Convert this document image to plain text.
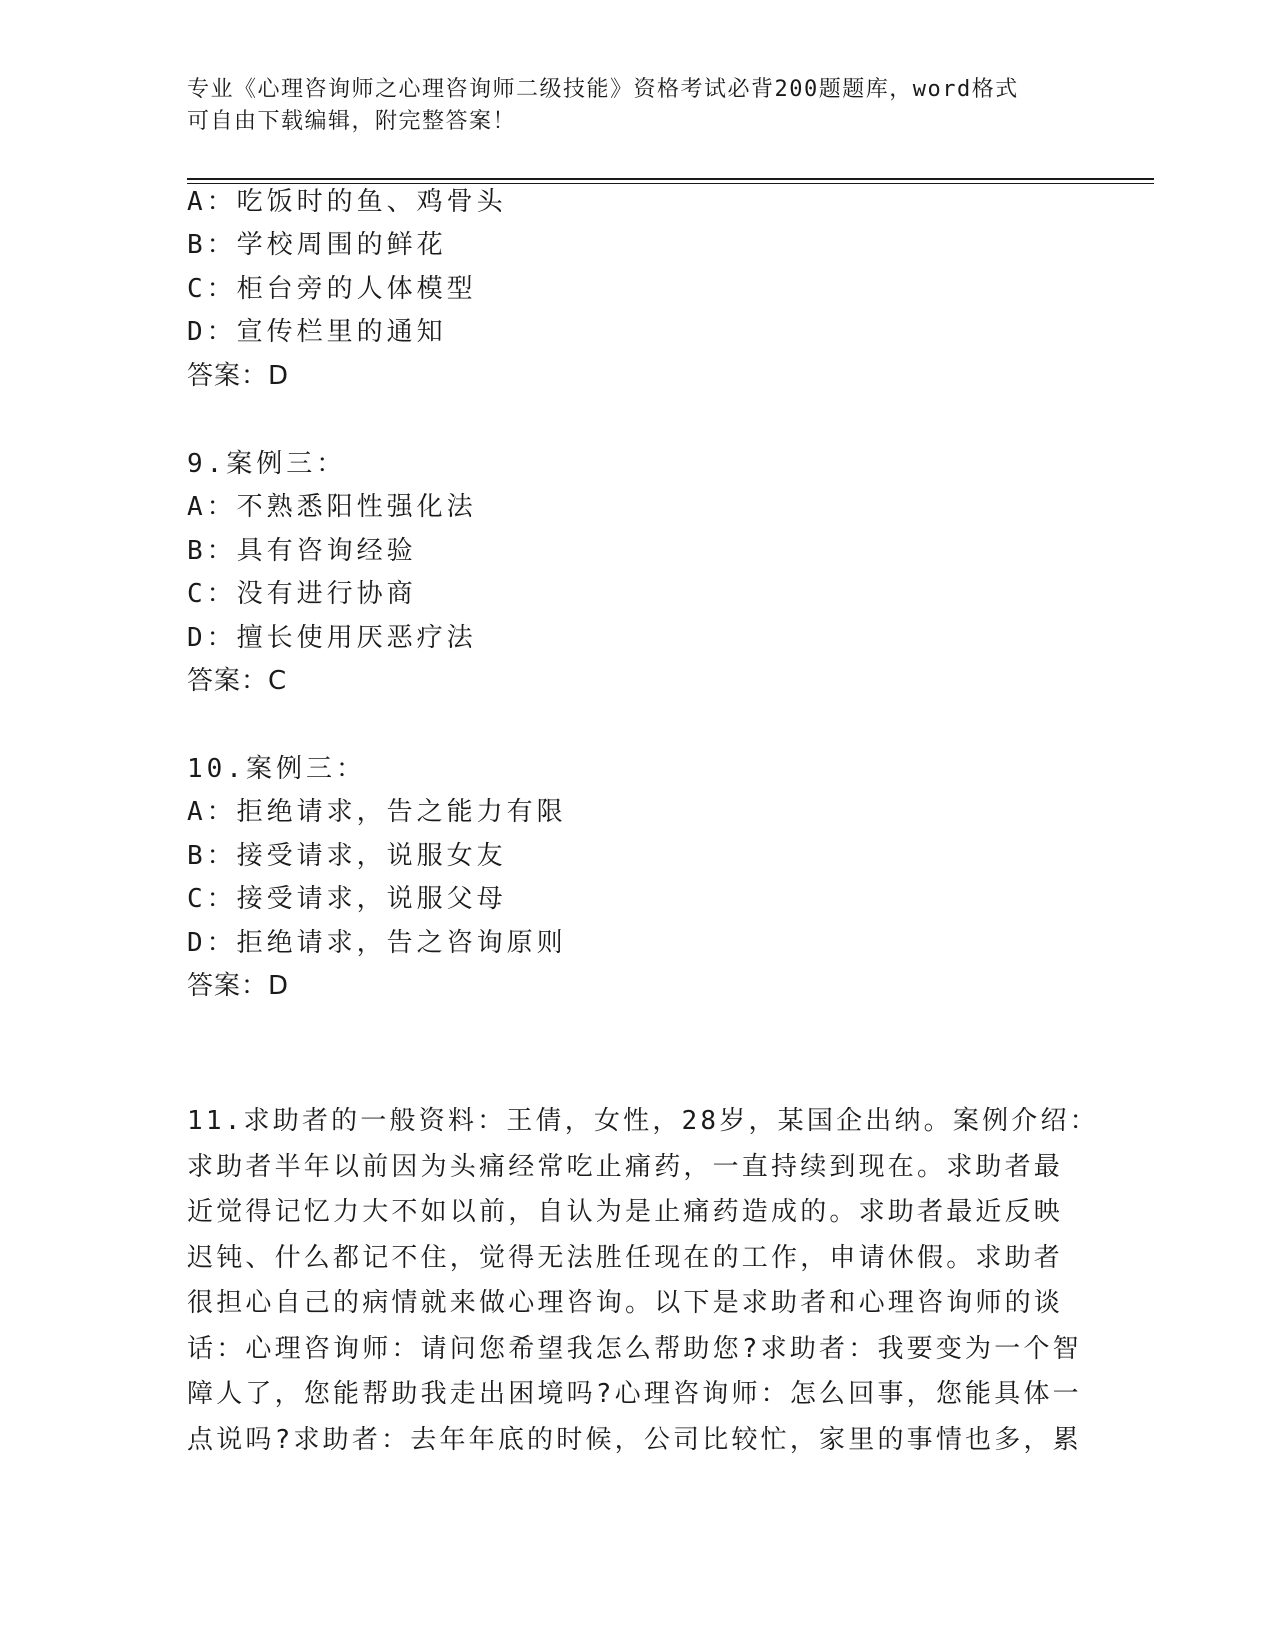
专业《心理咨询师之心理咨询师二级技能》资格考试必背200题题库，word格式
可自由下载编辑，附完整答案！

A：吃饭时的鱼、鸡骨头

B：学校周围的鲜花

C：柜台旁的人体模型

D：宣传栏里的通知

答案：D

9.案例三：

A：不熟悉阳性强化法

B：具有咨询经验

C：没有进行协商

D：擅长使用厌恶疗法

答案：C

10.案例三：

A：拒绝请求，告之能力有限

B：接受请求，说服女友

C：接受请求，说服父母

D：拒绝请求，告之咨询原则

答案：D

11.求助者的一般资料：王倩，女性，28岁，某国企出纳。案例介绍：
求助者半年以前因为头痛经常吃止痛药，一直持续到现在。求助者最
近觉得记忆力大不如以前，自认为是止痛药造成的。求助者最近反映
迟钝、什么都记不住，觉得无法胜任现在的工作，申请休假。求助者
很担心自己的病情就来做心理咨询。以下是求助者和心理咨询师的谈
话：心理咨询师：请问您希望我怎么帮助您?求助者：我要变为一个智
障人了，您能帮助我走出困境吗?心理咨询师：怎么回事，您能具体一
点说吗?求助者：去年年底的时候，公司比较忙，家里的事情也多，累
